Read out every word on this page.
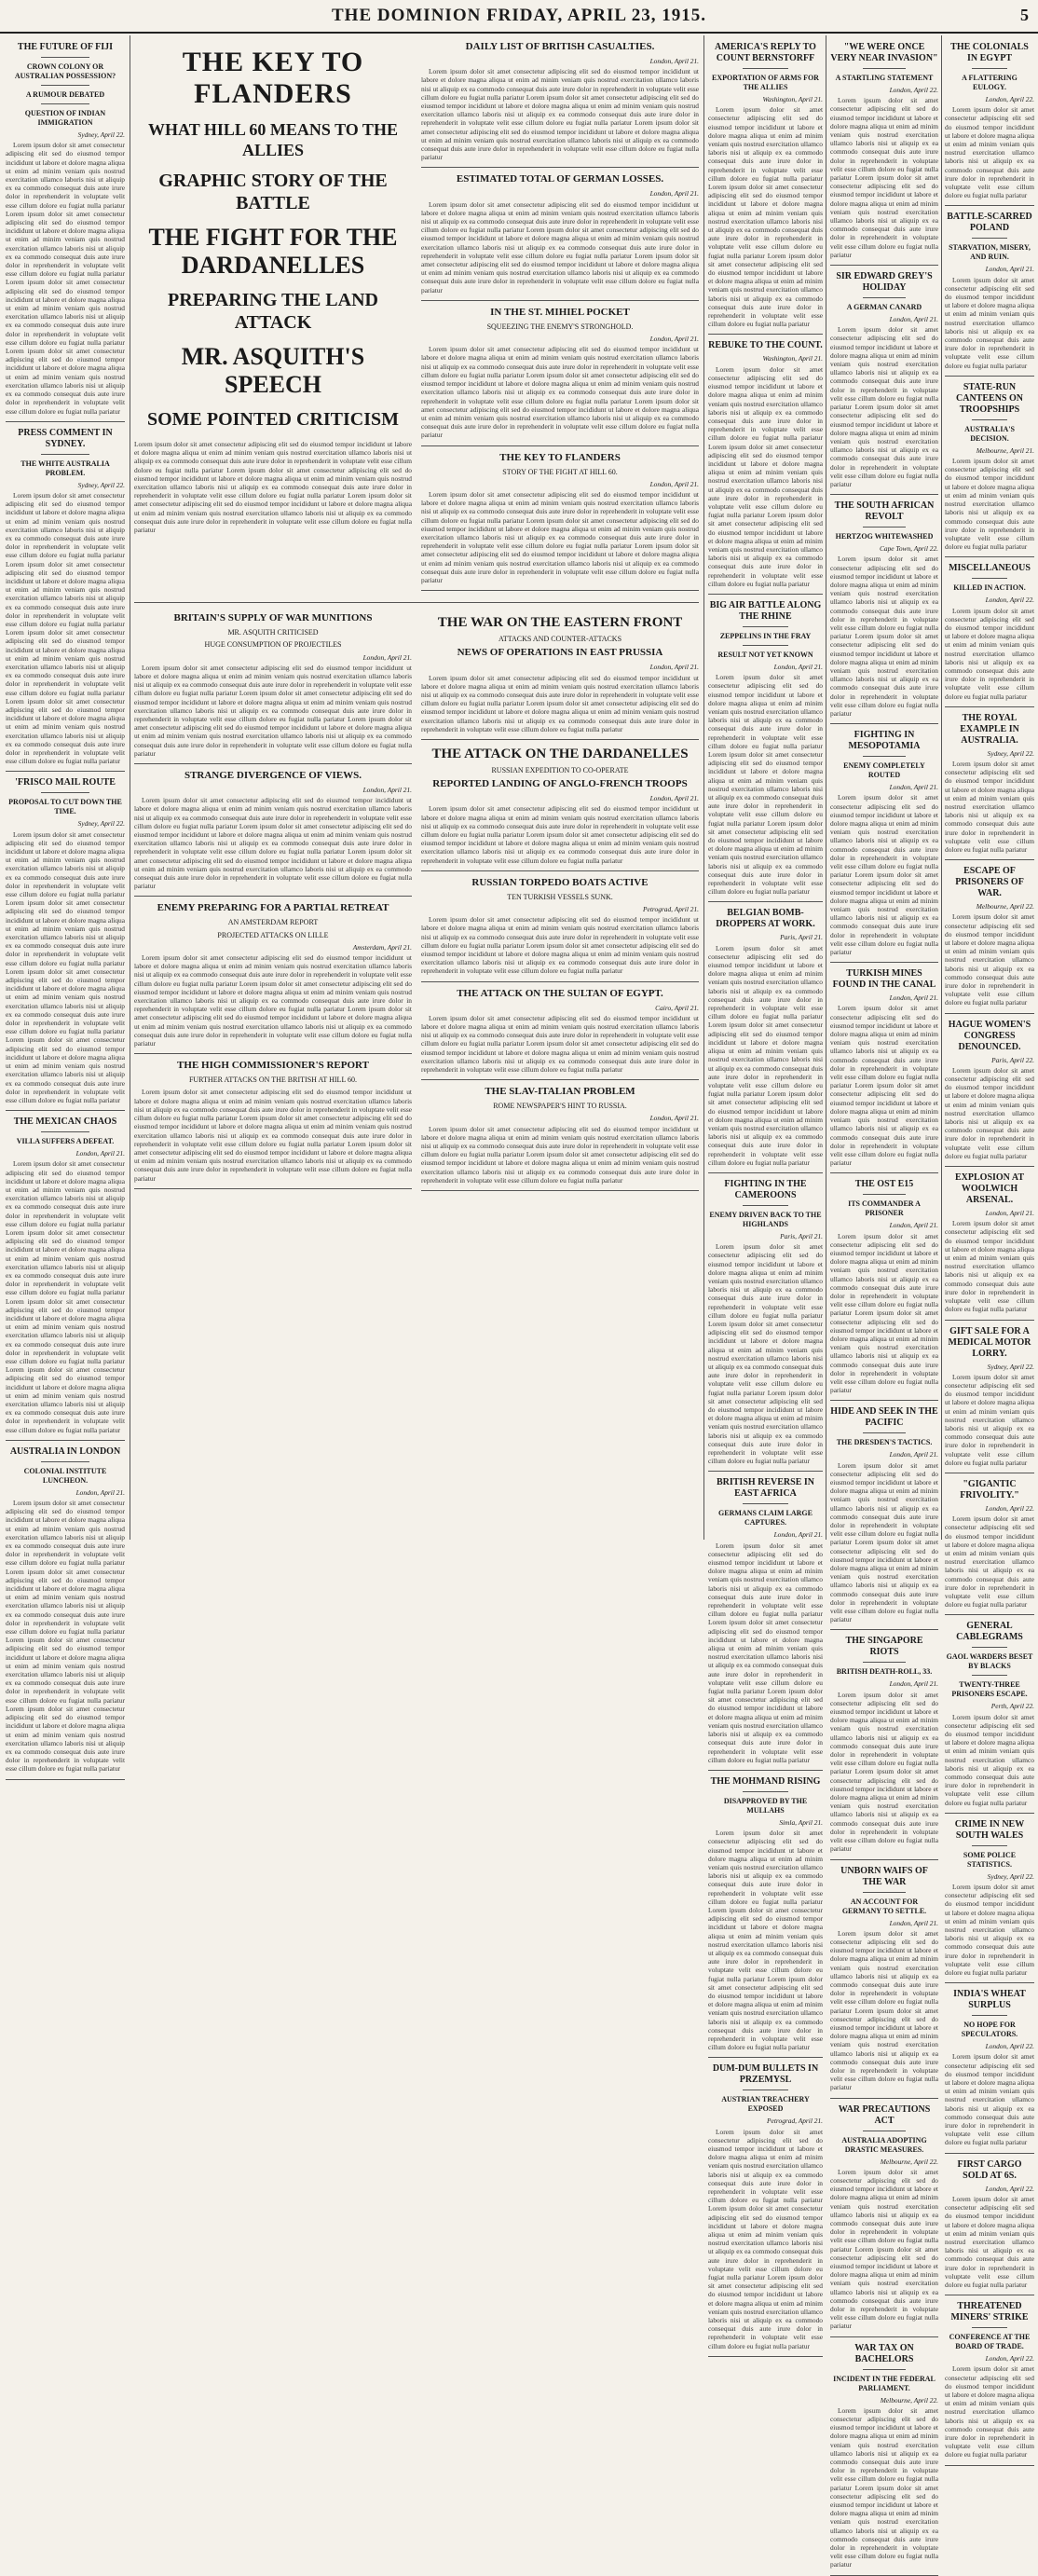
THE DOMINION FRIDAY, APRIL 23, 1915.	5
THE FUTURE OF FIJI
CROWN COLONY OR AUSTRALIAN POSSESSION?
A RUMOUR DEBATED
QUESTION OF INDIAN IMMIGRATION
Sydney, April 22.
Lorem ipsum dolor sit amet consectetur adipiscing elit sed do eiusmod tempor incididunt ut labore et dolore magna aliqua ut enim ad minim veniam quis nostrud exercitation ullamco laboris nisi ut aliquip ex ea commodo consequat duis aute irure dolor in reprehenderit in voluptate velit esse cillum dolore eu fugiat nulla pariatur Lorem ipsum dolor sit amet consectetur adipiscing elit sed do eiusmod tempor incididunt ut labore et dolore magna aliqua ut enim ad minim veniam quis nostrud exercitation ullamco laboris nisi ut aliquip ex ea commodo consequat duis aute irure dolor in reprehenderit in voluptate velit esse cillum dolore eu fugiat nulla pariatur Lorem ipsum dolor sit amet consectetur adipiscing elit sed do eiusmod tempor incididunt ut labore et dolore magna aliqua ut enim ad minim veniam quis nostrud exercitation ullamco laboris nisi ut aliquip ex ea commodo consequat duis aute irure dolor in reprehenderit in voluptate velit esse cillum dolore eu fugiat nulla pariatur Lorem ipsum dolor sit amet consectetur adipiscing elit sed do eiusmod tempor incididunt ut labore et dolore magna aliqua ut enim ad minim veniam quis nostrud exercitation ullamco laboris nisi ut aliquip ex ea commodo consequat duis aute irure dolor in reprehenderit in voluptate velit esse cillum dolore eu fugiat nulla pariatur
PRESS COMMENT IN SYDNEY.
THE WHITE AUSTRALIA PROBLEM.
Sydney, April 22.
Lorem ipsum dolor sit amet consectetur adipiscing elit sed do eiusmod tempor incididunt ut labore et dolore magna aliqua ut enim ad minim veniam quis nostrud exercitation ullamco laboris nisi ut aliquip ex ea commodo consequat duis aute irure dolor in reprehenderit in voluptate velit esse cillum dolore eu fugiat nulla pariatur Lorem ipsum dolor sit amet consectetur adipiscing elit sed do eiusmod tempor incididunt ut labore et dolore magna aliqua ut enim ad minim veniam quis nostrud exercitation ullamco laboris nisi ut aliquip ex ea commodo consequat duis aute irure dolor in reprehenderit in voluptate velit esse cillum dolore eu fugiat nulla pariatur Lorem ipsum dolor sit amet consectetur adipiscing elit sed do eiusmod tempor incididunt ut labore et dolore magna aliqua ut enim ad minim veniam quis nostrud exercitation ullamco laboris nisi ut aliquip ex ea commodo consequat duis aute irure dolor in reprehenderit in voluptate velit esse cillum dolore eu fugiat nulla pariatur Lorem ipsum dolor sit amet consectetur adipiscing elit sed do eiusmod tempor incididunt ut labore et dolore magna aliqua ut enim ad minim veniam quis nostrud exercitation ullamco laboris nisi ut aliquip ex ea commodo consequat duis aute irure dolor in reprehenderit in voluptate velit esse cillum dolore eu fugiat nulla pariatur
'FRISCO MAIL ROUTE
PROPOSAL TO CUT DOWN THE TIME.
Sydney, April 22.
Lorem ipsum dolor sit amet consectetur adipiscing elit sed do eiusmod tempor incididunt ut labore et dolore magna aliqua ut enim ad minim veniam quis nostrud exercitation ullamco laboris nisi ut aliquip ex ea commodo consequat duis aute irure dolor in reprehenderit in voluptate velit esse cillum dolore eu fugiat nulla pariatur Lorem ipsum dolor sit amet consectetur adipiscing elit sed do eiusmod tempor incididunt ut labore et dolore magna aliqua ut enim ad minim veniam quis nostrud exercitation ullamco laboris nisi ut aliquip ex ea commodo consequat duis aute irure dolor in reprehenderit in voluptate velit esse cillum dolore eu fugiat nulla pariatur Lorem ipsum dolor sit amet consectetur adipiscing elit sed do eiusmod tempor incididunt ut labore et dolore magna aliqua ut enim ad minim veniam quis nostrud exercitation ullamco laboris nisi ut aliquip ex ea commodo consequat duis aute irure dolor in reprehenderit in voluptate velit esse cillum dolore eu fugiat nulla pariatur Lorem ipsum dolor sit amet consectetur adipiscing elit sed do eiusmod tempor incididunt ut labore et dolore magna aliqua ut enim ad minim veniam quis nostrud exercitation ullamco laboris nisi ut aliquip ex ea commodo consequat duis aute irure dolor in reprehenderit in voluptate velit esse cillum dolore eu fugiat nulla pariatur
THE MEXICAN CHAOS
VILLA SUFFERS A DEFEAT.
London, April 21.
Lorem ipsum dolor sit amet consectetur adipiscing elit sed do eiusmod tempor incididunt ut labore et dolore magna aliqua ut enim ad minim veniam quis nostrud exercitation ullamco laboris nisi ut aliquip ex ea commodo consequat duis aute irure dolor in reprehenderit in voluptate velit esse cillum dolore eu fugiat nulla pariatur Lorem ipsum dolor sit amet consectetur adipiscing elit sed do eiusmod tempor incididunt ut labore et dolore magna aliqua ut enim ad minim veniam quis nostrud exercitation ullamco laboris nisi ut aliquip ex ea commodo consequat duis aute irure dolor in reprehenderit in voluptate velit esse cillum dolore eu fugiat nulla pariatur Lorem ipsum dolor sit amet consectetur adipiscing elit sed do eiusmod tempor incididunt ut labore et dolore magna aliqua ut enim ad minim veniam quis nostrud exercitation ullamco laboris nisi ut aliquip ex ea commodo consequat duis aute irure dolor in reprehenderit in voluptate velit esse cillum dolore eu fugiat nulla pariatur Lorem ipsum dolor sit amet consectetur adipiscing elit sed do eiusmod tempor incididunt ut labore et dolore magna aliqua ut enim ad minim veniam quis nostrud exercitation ullamco laboris nisi ut aliquip ex ea commodo consequat duis aute irure dolor in reprehenderit in voluptate velit esse cillum dolore eu fugiat nulla pariatur
AUSTRALIA IN LONDON
COLONIAL INSTITUTE LUNCHEON.
London, April 21.
Lorem ipsum dolor sit amet consectetur adipiscing elit sed do eiusmod tempor incididunt ut labore et dolore magna aliqua ut enim ad minim veniam quis nostrud exercitation ullamco laboris nisi ut aliquip ex ea commodo consequat duis aute irure dolor in reprehenderit in voluptate velit esse cillum dolore eu fugiat nulla pariatur Lorem ipsum dolor sit amet consectetur adipiscing elit sed do eiusmod tempor incididunt ut labore et dolore magna aliqua ut enim ad minim veniam quis nostrud exercitation ullamco laboris nisi ut aliquip ex ea commodo consequat duis aute irure dolor in reprehenderit in voluptate velit esse cillum dolore eu fugiat nulla pariatur Lorem ipsum dolor sit amet consectetur adipiscing elit sed do eiusmod tempor incididunt ut labore et dolore magna aliqua ut enim ad minim veniam quis nostrud exercitation ullamco laboris nisi ut aliquip ex ea commodo consequat duis aute irure dolor in reprehenderit in voluptate velit esse cillum dolore eu fugiat nulla pariatur Lorem ipsum dolor sit amet consectetur adipiscing elit sed do eiusmod tempor incididunt ut labore et dolore magna aliqua ut enim ad minim veniam quis nostrud exercitation ullamco laboris nisi ut aliquip ex ea commodo consequat duis aute irure dolor in reprehenderit in voluptate velit esse cillum dolore eu fugiat nulla pariatur
THE KEY TO FLANDERS
WHAT HILL 60 MEANS TO THE ALLIES
GRAPHIC STORY OF THE BATTLE
THE FIGHT FOR THE DARDANELLES
PREPARING THE LAND ATTACK
MR. ASQUITH'S SPEECH
SOME POINTED CRITICISM
Lorem ipsum dolor sit amet consectetur adipiscing elit sed do eiusmod tempor incididunt ut labore et dolore magna aliqua ut enim ad minim veniam quis nostrud exercitation ullamco laboris nisi ut aliquip ex ea commodo consequat duis aute irure dolor in reprehenderit in voluptate velit esse cillum dolore eu fugiat nulla pariatur Lorem ipsum dolor sit amet consectetur adipiscing elit sed do eiusmod tempor incididunt ut labore et dolore magna aliqua ut enim ad minim veniam quis nostrud exercitation ullamco laboris nisi ut aliquip ex ea commodo consequat duis aute irure dolor in reprehenderit in voluptate velit esse cillum dolore eu fugiat nulla pariatur Lorem ipsum dolor sit amet consectetur adipiscing elit sed do eiusmod tempor incididunt ut labore et dolore magna aliqua ut enim ad minim veniam quis nostrud exercitation ullamco laboris nisi ut aliquip ex ea commodo consequat duis aute irure dolor in reprehenderit in voluptate velit esse cillum dolore eu fugiat nulla pariatur
DAILY LIST OF BRITISH CASUALTIES.
London, April 21.
Lorem ipsum dolor sit amet consectetur adipiscing elit sed do eiusmod tempor incididunt ut labore et dolore magna aliqua ut enim ad minim veniam quis nostrud exercitation ullamco laboris nisi ut aliquip ex ea commodo consequat duis aute irure dolor in reprehenderit in voluptate velit esse cillum dolore eu fugiat nulla pariatur Lorem ipsum dolor sit amet consectetur adipiscing elit sed do eiusmod tempor incididunt ut labore et dolore magna aliqua ut enim ad minim veniam quis nostrud exercitation ullamco laboris nisi ut aliquip ex ea commodo consequat duis aute irure dolor in reprehenderit in voluptate velit esse cillum dolore eu fugiat nulla pariatur Lorem ipsum dolor sit amet consectetur adipiscing elit sed do eiusmod tempor incididunt ut labore et dolore magna aliqua ut enim ad minim veniam quis nostrud exercitation ullamco laboris nisi ut aliquip ex ea commodo consequat duis aute irure dolor in reprehenderit in voluptate velit esse cillum dolore eu fugiat nulla pariatur
ESTIMATED TOTAL OF GERMAN LOSSES.
London, April 21.
Lorem ipsum dolor sit amet consectetur adipiscing elit sed do eiusmod tempor incididunt ut labore et dolore magna aliqua ut enim ad minim veniam quis nostrud exercitation ullamco laboris nisi ut aliquip ex ea commodo consequat duis aute irure dolor in reprehenderit in voluptate velit esse cillum dolore eu fugiat nulla pariatur Lorem ipsum dolor sit amet consectetur adipiscing elit sed do eiusmod tempor incididunt ut labore et dolore magna aliqua ut enim ad minim veniam quis nostrud exercitation ullamco laboris nisi ut aliquip ex ea commodo consequat duis aute irure dolor in reprehenderit in voluptate velit esse cillum dolore eu fugiat nulla pariatur Lorem ipsum dolor sit amet consectetur adipiscing elit sed do eiusmod tempor incididunt ut labore et dolore magna aliqua ut enim ad minim veniam quis nostrud exercitation ullamco laboris nisi ut aliquip ex ea commodo consequat duis aute irure dolor in reprehenderit in voluptate velit esse cillum dolore eu fugiat nulla pariatur
IN THE ST. MIHIEL POCKET
SQUEEZING THE ENEMY'S STRONGHOLD.
London, April 21.
Lorem ipsum dolor sit amet consectetur adipiscing elit sed do eiusmod tempor incididunt ut labore et dolore magna aliqua ut enim ad minim veniam quis nostrud exercitation ullamco laboris nisi ut aliquip ex ea commodo consequat duis aute irure dolor in reprehenderit in voluptate velit esse cillum dolore eu fugiat nulla pariatur Lorem ipsum dolor sit amet consectetur adipiscing elit sed do eiusmod tempor incididunt ut labore et dolore magna aliqua ut enim ad minim veniam quis nostrud exercitation ullamco laboris nisi ut aliquip ex ea commodo consequat duis aute irure dolor in reprehenderit in voluptate velit esse cillum dolore eu fugiat nulla pariatur Lorem ipsum dolor sit amet consectetur adipiscing elit sed do eiusmod tempor incididunt ut labore et dolore magna aliqua ut enim ad minim veniam quis nostrud exercitation ullamco laboris nisi ut aliquip ex ea commodo consequat duis aute irure dolor in reprehenderit in voluptate velit esse cillum dolore eu fugiat nulla pariatur
THE KEY TO FLANDERS
STORY OF THE FIGHT AT HILL 60.
London, April 21.
Lorem ipsum dolor sit amet consectetur adipiscing elit sed do eiusmod tempor incididunt ut labore et dolore magna aliqua ut enim ad minim veniam quis nostrud exercitation ullamco laboris nisi ut aliquip ex ea commodo consequat duis aute irure dolor in reprehenderit in voluptate velit esse cillum dolore eu fugiat nulla pariatur Lorem ipsum dolor sit amet consectetur adipiscing elit sed do eiusmod tempor incididunt ut labore et dolore magna aliqua ut enim ad minim veniam quis nostrud exercitation ullamco laboris nisi ut aliquip ex ea commodo consequat duis aute irure dolor in reprehenderit in voluptate velit esse cillum dolore eu fugiat nulla pariatur Lorem ipsum dolor sit amet consectetur adipiscing elit sed do eiusmod tempor incididunt ut labore et dolore magna aliqua ut enim ad minim veniam quis nostrud exercitation ullamco laboris nisi ut aliquip ex ea commodo consequat duis aute irure dolor in reprehenderit in voluptate velit esse cillum dolore eu fugiat nulla pariatur
BRITAIN'S SUPPLY OF WAR MUNITIONS
MR. ASQUITH CRITICISED
HUGE CONSUMPTION OF PROJECTILES
London, April 21.
Lorem ipsum dolor sit amet consectetur adipiscing elit sed do eiusmod tempor incididunt ut labore et dolore magna aliqua ut enim ad minim veniam quis nostrud exercitation ullamco laboris nisi ut aliquip ex ea commodo consequat duis aute irure dolor in reprehenderit in voluptate velit esse cillum dolore eu fugiat nulla pariatur Lorem ipsum dolor sit amet consectetur adipiscing elit sed do eiusmod tempor incididunt ut labore et dolore magna aliqua ut enim ad minim veniam quis nostrud exercitation ullamco laboris nisi ut aliquip ex ea commodo consequat duis aute irure dolor in reprehenderit in voluptate velit esse cillum dolore eu fugiat nulla pariatur Lorem ipsum dolor sit amet consectetur adipiscing elit sed do eiusmod tempor incididunt ut labore et dolore magna aliqua ut enim ad minim veniam quis nostrud exercitation ullamco laboris nisi ut aliquip ex ea commodo consequat duis aute irure dolor in reprehenderit in voluptate velit esse cillum dolore eu fugiat nulla pariatur
STRANGE DIVERGENCE OF VIEWS.
London, April 21.
Lorem ipsum dolor sit amet consectetur adipiscing elit sed do eiusmod tempor incididunt ut labore et dolore magna aliqua ut enim ad minim veniam quis nostrud exercitation ullamco laboris nisi ut aliquip ex ea commodo consequat duis aute irure dolor in reprehenderit in voluptate velit esse cillum dolore eu fugiat nulla pariatur Lorem ipsum dolor sit amet consectetur adipiscing elit sed do eiusmod tempor incididunt ut labore et dolore magna aliqua ut enim ad minim veniam quis nostrud exercitation ullamco laboris nisi ut aliquip ex ea commodo consequat duis aute irure dolor in reprehenderit in voluptate velit esse cillum dolore eu fugiat nulla pariatur Lorem ipsum dolor sit amet consectetur adipiscing elit sed do eiusmod tempor incididunt ut labore et dolore magna aliqua ut enim ad minim veniam quis nostrud exercitation ullamco laboris nisi ut aliquip ex ea commodo consequat duis aute irure dolor in reprehenderit in voluptate velit esse cillum dolore eu fugiat nulla pariatur
ENEMY PREPARING FOR A PARTIAL RETREAT
AN AMSTERDAM REPORT
PROJECTED ATTACKS ON LILLE
Amsterdam, April 21.
Lorem ipsum dolor sit amet consectetur adipiscing elit sed do eiusmod tempor incididunt ut labore et dolore magna aliqua ut enim ad minim veniam quis nostrud exercitation ullamco laboris nisi ut aliquip ex ea commodo consequat duis aute irure dolor in reprehenderit in voluptate velit esse cillum dolore eu fugiat nulla pariatur Lorem ipsum dolor sit amet consectetur adipiscing elit sed do eiusmod tempor incididunt ut labore et dolore magna aliqua ut enim ad minim veniam quis nostrud exercitation ullamco laboris nisi ut aliquip ex ea commodo consequat duis aute irure dolor in reprehenderit in voluptate velit esse cillum dolore eu fugiat nulla pariatur Lorem ipsum dolor sit amet consectetur adipiscing elit sed do eiusmod tempor incididunt ut labore et dolore magna aliqua ut enim ad minim veniam quis nostrud exercitation ullamco laboris nisi ut aliquip ex ea commodo consequat duis aute irure dolor in reprehenderit in voluptate velit esse cillum dolore eu fugiat nulla pariatur
THE HIGH COMMISSIONER'S REPORT
FURTHER ATTACKS ON THE BRITISH AT HILL 60.
Lorem ipsum dolor sit amet consectetur adipiscing elit sed do eiusmod tempor incididunt ut labore et dolore magna aliqua ut enim ad minim veniam quis nostrud exercitation ullamco laboris nisi ut aliquip ex ea commodo consequat duis aute irure dolor in reprehenderit in voluptate velit esse cillum dolore eu fugiat nulla pariatur Lorem ipsum dolor sit amet consectetur adipiscing elit sed do eiusmod tempor incididunt ut labore et dolore magna aliqua ut enim ad minim veniam quis nostrud exercitation ullamco laboris nisi ut aliquip ex ea commodo consequat duis aute irure dolor in reprehenderit in voluptate velit esse cillum dolore eu fugiat nulla pariatur Lorem ipsum dolor sit amet consectetur adipiscing elit sed do eiusmod tempor incididunt ut labore et dolore magna aliqua ut enim ad minim veniam quis nostrud exercitation ullamco laboris nisi ut aliquip ex ea commodo consequat duis aute irure dolor in reprehenderit in voluptate velit esse cillum dolore eu fugiat nulla pariatur
THE WAR ON THE EASTERN FRONT
ATTACKS AND COUNTER-ATTACKS
NEWS OF OPERATIONS IN EAST PRUSSIA
London, April 21.
Lorem ipsum dolor sit amet consectetur adipiscing elit sed do eiusmod tempor incididunt ut labore et dolore magna aliqua ut enim ad minim veniam quis nostrud exercitation ullamco laboris nisi ut aliquip ex ea commodo consequat duis aute irure dolor in reprehenderit in voluptate velit esse cillum dolore eu fugiat nulla pariatur Lorem ipsum dolor sit amet consectetur adipiscing elit sed do eiusmod tempor incididunt ut labore et dolore magna aliqua ut enim ad minim veniam quis nostrud exercitation ullamco laboris nisi ut aliquip ex ea commodo consequat duis aute irure dolor in reprehenderit in voluptate velit esse cillum dolore eu fugiat nulla pariatur
THE ATTACK ON THE DARDANELLES
RUSSIAN EXPEDITION TO CO-OPERATE
REPORTED LANDING OF ANGLO-FRENCH TROOPS
London, April 21.
Lorem ipsum dolor sit amet consectetur adipiscing elit sed do eiusmod tempor incididunt ut labore et dolore magna aliqua ut enim ad minim veniam quis nostrud exercitation ullamco laboris nisi ut aliquip ex ea commodo consequat duis aute irure dolor in reprehenderit in voluptate velit esse cillum dolore eu fugiat nulla pariatur Lorem ipsum dolor sit amet consectetur adipiscing elit sed do eiusmod tempor incididunt ut labore et dolore magna aliqua ut enim ad minim veniam quis nostrud exercitation ullamco laboris nisi ut aliquip ex ea commodo consequat duis aute irure dolor in reprehenderit in voluptate velit esse cillum dolore eu fugiat nulla pariatur
RUSSIAN TORPEDO BOATS ACTIVE
TEN TURKISH VESSELS SUNK.
Petrograd, April 21.
Lorem ipsum dolor sit amet consectetur adipiscing elit sed do eiusmod tempor incididunt ut labore et dolore magna aliqua ut enim ad minim veniam quis nostrud exercitation ullamco laboris nisi ut aliquip ex ea commodo consequat duis aute irure dolor in reprehenderit in voluptate velit esse cillum dolore eu fugiat nulla pariatur Lorem ipsum dolor sit amet consectetur adipiscing elit sed do eiusmod tempor incididunt ut labore et dolore magna aliqua ut enim ad minim veniam quis nostrud exercitation ullamco laboris nisi ut aliquip ex ea commodo consequat duis aute irure dolor in reprehenderit in voluptate velit esse cillum dolore eu fugiat nulla pariatur
THE ATTACK ON THE SULTAN OF EGYPT.
Cairo, April 21.
Lorem ipsum dolor sit amet consectetur adipiscing elit sed do eiusmod tempor incididunt ut labore et dolore magna aliqua ut enim ad minim veniam quis nostrud exercitation ullamco laboris nisi ut aliquip ex ea commodo consequat duis aute irure dolor in reprehenderit in voluptate velit esse cillum dolore eu fugiat nulla pariatur Lorem ipsum dolor sit amet consectetur adipiscing elit sed do eiusmod tempor incididunt ut labore et dolore magna aliqua ut enim ad minim veniam quis nostrud exercitation ullamco laboris nisi ut aliquip ex ea commodo consequat duis aute irure dolor in reprehenderit in voluptate velit esse cillum dolore eu fugiat nulla pariatur
THE SLAV-ITALIAN PROBLEM
ROME NEWSPAPER'S HINT TO RUSSIA.
London, April 21.
Lorem ipsum dolor sit amet consectetur adipiscing elit sed do eiusmod tempor incididunt ut labore et dolore magna aliqua ut enim ad minim veniam quis nostrud exercitation ullamco laboris nisi ut aliquip ex ea commodo consequat duis aute irure dolor in reprehenderit in voluptate velit esse cillum dolore eu fugiat nulla pariatur Lorem ipsum dolor sit amet consectetur adipiscing elit sed do eiusmod tempor incididunt ut labore et dolore magna aliqua ut enim ad minim veniam quis nostrud exercitation ullamco laboris nisi ut aliquip ex ea commodo consequat duis aute irure dolor in reprehenderit in voluptate velit esse cillum dolore eu fugiat nulla pariatur
AMERICA'S REPLY TO COUNT BERNSTORFF
EXPORTATION OF ARMS FOR THE ALLIES
Washington, April 21.
Lorem ipsum dolor sit amet consectetur adipiscing elit sed do eiusmod tempor incididunt ut labore et dolore magna aliqua ut enim ad minim veniam quis nostrud exercitation ullamco laboris nisi ut aliquip ex ea commodo consequat duis aute irure dolor in reprehenderit in voluptate velit esse cillum dolore eu fugiat nulla pariatur Lorem ipsum dolor sit amet consectetur adipiscing elit sed do eiusmod tempor incididunt ut labore et dolore magna aliqua ut enim ad minim veniam quis nostrud exercitation ullamco laboris nisi ut aliquip ex ea commodo consequat duis aute irure dolor in reprehenderit in voluptate velit esse cillum dolore eu fugiat nulla pariatur Lorem ipsum dolor sit amet consectetur adipiscing elit sed do eiusmod tempor incididunt ut labore et dolore magna aliqua ut enim ad minim veniam quis nostrud exercitation ullamco laboris nisi ut aliquip ex ea commodo consequat duis aute irure dolor in reprehenderit in voluptate velit esse cillum dolore eu fugiat nulla pariatur
REBUKE TO THE COUNT.
Washington, April 21.
Lorem ipsum dolor sit amet consectetur adipiscing elit sed do eiusmod tempor incididunt ut labore et dolore magna aliqua ut enim ad minim veniam quis nostrud exercitation ullamco laboris nisi ut aliquip ex ea commodo consequat duis aute irure dolor in reprehenderit in voluptate velit esse cillum dolore eu fugiat nulla pariatur Lorem ipsum dolor sit amet consectetur adipiscing elit sed do eiusmod tempor incididunt ut labore et dolore magna aliqua ut enim ad minim veniam quis nostrud exercitation ullamco laboris nisi ut aliquip ex ea commodo consequat duis aute irure dolor in reprehenderit in voluptate velit esse cillum dolore eu fugiat nulla pariatur Lorem ipsum dolor sit amet consectetur adipiscing elit sed do eiusmod tempor incididunt ut labore et dolore magna aliqua ut enim ad minim veniam quis nostrud exercitation ullamco laboris nisi ut aliquip ex ea commodo consequat duis aute irure dolor in reprehenderit in voluptate velit esse cillum dolore eu fugiat nulla pariatur
BIG AIR BATTLE ALONG THE RHINE
ZEPPELINS IN THE FRAY
RESULT NOT YET KNOWN
London, April 21.
Lorem ipsum dolor sit amet consectetur adipiscing elit sed do eiusmod tempor incididunt ut labore et dolore magna aliqua ut enim ad minim veniam quis nostrud exercitation ullamco laboris nisi ut aliquip ex ea commodo consequat duis aute irure dolor in reprehenderit in voluptate velit esse cillum dolore eu fugiat nulla pariatur Lorem ipsum dolor sit amet consectetur adipiscing elit sed do eiusmod tempor incididunt ut labore et dolore magna aliqua ut enim ad minim veniam quis nostrud exercitation ullamco laboris nisi ut aliquip ex ea commodo consequat duis aute irure dolor in reprehenderit in voluptate velit esse cillum dolore eu fugiat nulla pariatur Lorem ipsum dolor sit amet consectetur adipiscing elit sed do eiusmod tempor incididunt ut labore et dolore magna aliqua ut enim ad minim veniam quis nostrud exercitation ullamco laboris nisi ut aliquip ex ea commodo consequat duis aute irure dolor in reprehenderit in voluptate velit esse cillum dolore eu fugiat nulla pariatur
BELGIAN BOMB-DROPPERS AT WORK.
Paris, April 21.
Lorem ipsum dolor sit amet consectetur adipiscing elit sed do eiusmod tempor incididunt ut labore et dolore magna aliqua ut enim ad minim veniam quis nostrud exercitation ullamco laboris nisi ut aliquip ex ea commodo consequat duis aute irure dolor in reprehenderit in voluptate velit esse cillum dolore eu fugiat nulla pariatur Lorem ipsum dolor sit amet consectetur adipiscing elit sed do eiusmod tempor incididunt ut labore et dolore magna aliqua ut enim ad minim veniam quis nostrud exercitation ullamco laboris nisi ut aliquip ex ea commodo consequat duis aute irure dolor in reprehenderit in voluptate velit esse cillum dolore eu fugiat nulla pariatur Lorem ipsum dolor sit amet consectetur adipiscing elit sed do eiusmod tempor incididunt ut labore et dolore magna aliqua ut enim ad minim veniam quis nostrud exercitation ullamco laboris nisi ut aliquip ex ea commodo consequat duis aute irure dolor in reprehenderit in voluptate velit esse cillum dolore eu fugiat nulla pariatur
FIGHTING IN THE CAMEROONS
ENEMY DRIVEN BACK TO THE HIGHLANDS
Paris, April 21.
Lorem ipsum dolor sit amet consectetur adipiscing elit sed do eiusmod tempor incididunt ut labore et dolore magna aliqua ut enim ad minim veniam quis nostrud exercitation ullamco laboris nisi ut aliquip ex ea commodo consequat duis aute irure dolor in reprehenderit in voluptate velit esse cillum dolore eu fugiat nulla pariatur Lorem ipsum dolor sit amet consectetur adipiscing elit sed do eiusmod tempor incididunt ut labore et dolore magna aliqua ut enim ad minim veniam quis nostrud exercitation ullamco laboris nisi ut aliquip ex ea commodo consequat duis aute irure dolor in reprehenderit in voluptate velit esse cillum dolore eu fugiat nulla pariatur Lorem ipsum dolor sit amet consectetur adipiscing elit sed do eiusmod tempor incididunt ut labore et dolore magna aliqua ut enim ad minim veniam quis nostrud exercitation ullamco laboris nisi ut aliquip ex ea commodo consequat duis aute irure dolor in reprehenderit in voluptate velit esse cillum dolore eu fugiat nulla pariatur
BRITISH REVERSE IN EAST AFRICA
GERMANS CLAIM LARGE CAPTURES.
London, April 21.
Lorem ipsum dolor sit amet consectetur adipiscing elit sed do eiusmod tempor incididunt ut labore et dolore magna aliqua ut enim ad minim veniam quis nostrud exercitation ullamco laboris nisi ut aliquip ex ea commodo consequat duis aute irure dolor in reprehenderit in voluptate velit esse cillum dolore eu fugiat nulla pariatur Lorem ipsum dolor sit amet consectetur adipiscing elit sed do eiusmod tempor incididunt ut labore et dolore magna aliqua ut enim ad minim veniam quis nostrud exercitation ullamco laboris nisi ut aliquip ex ea commodo consequat duis aute irure dolor in reprehenderit in voluptate velit esse cillum dolore eu fugiat nulla pariatur Lorem ipsum dolor sit amet consectetur adipiscing elit sed do eiusmod tempor incididunt ut labore et dolore magna aliqua ut enim ad minim veniam quis nostrud exercitation ullamco laboris nisi ut aliquip ex ea commodo consequat duis aute irure dolor in reprehenderit in voluptate velit esse cillum dolore eu fugiat nulla pariatur
THE MOHMAND RISING
DISAPPROVED BY THE MULLAHS
Simla, April 21.
Lorem ipsum dolor sit amet consectetur adipiscing elit sed do eiusmod tempor incididunt ut labore et dolore magna aliqua ut enim ad minim veniam quis nostrud exercitation ullamco laboris nisi ut aliquip ex ea commodo consequat duis aute irure dolor in reprehenderit in voluptate velit esse cillum dolore eu fugiat nulla pariatur Lorem ipsum dolor sit amet consectetur adipiscing elit sed do eiusmod tempor incididunt ut labore et dolore magna aliqua ut enim ad minim veniam quis nostrud exercitation ullamco laboris nisi ut aliquip ex ea commodo consequat duis aute irure dolor in reprehenderit in voluptate velit esse cillum dolore eu fugiat nulla pariatur Lorem ipsum dolor sit amet consectetur adipiscing elit sed do eiusmod tempor incididunt ut labore et dolore magna aliqua ut enim ad minim veniam quis nostrud exercitation ullamco laboris nisi ut aliquip ex ea commodo consequat duis aute irure dolor in reprehenderit in voluptate velit esse cillum dolore eu fugiat nulla pariatur
DUM-DUM BULLETS IN PRZEMYSL
AUSTRIAN TREACHERY EXPOSED
Petrograd, April 21.
Lorem ipsum dolor sit amet consectetur adipiscing elit sed do eiusmod tempor incididunt ut labore et dolore magna aliqua ut enim ad minim veniam quis nostrud exercitation ullamco laboris nisi ut aliquip ex ea commodo consequat duis aute irure dolor in reprehenderit in voluptate velit esse cillum dolore eu fugiat nulla pariatur Lorem ipsum dolor sit amet consectetur adipiscing elit sed do eiusmod tempor incididunt ut labore et dolore magna aliqua ut enim ad minim veniam quis nostrud exercitation ullamco laboris nisi ut aliquip ex ea commodo consequat duis aute irure dolor in reprehenderit in voluptate velit esse cillum dolore eu fugiat nulla pariatur Lorem ipsum dolor sit amet consectetur adipiscing elit sed do eiusmod tempor incididunt ut labore et dolore magna aliqua ut enim ad minim veniam quis nostrud exercitation ullamco laboris nisi ut aliquip ex ea commodo consequat duis aute irure dolor in reprehenderit in voluptate velit esse cillum dolore eu fugiat nulla pariatur
"WE WERE ONCE VERY NEAR INVASION"
A STARTLING STATEMENT
London, April 22.
Lorem ipsum dolor sit amet consectetur adipiscing elit sed do eiusmod tempor incididunt ut labore et dolore magna aliqua ut enim ad minim veniam quis nostrud exercitation ullamco laboris nisi ut aliquip ex ea commodo consequat duis aute irure dolor in reprehenderit in voluptate velit esse cillum dolore eu fugiat nulla pariatur Lorem ipsum dolor sit amet consectetur adipiscing elit sed do eiusmod tempor incididunt ut labore et dolore magna aliqua ut enim ad minim veniam quis nostrud exercitation ullamco laboris nisi ut aliquip ex ea commodo consequat duis aute irure dolor in reprehenderit in voluptate velit esse cillum dolore eu fugiat nulla pariatur
SIR EDWARD GREY'S HOLIDAY
A GERMAN CANARD
London, April 21.
Lorem ipsum dolor sit amet consectetur adipiscing elit sed do eiusmod tempor incididunt ut labore et dolore magna aliqua ut enim ad minim veniam quis nostrud exercitation ullamco laboris nisi ut aliquip ex ea commodo consequat duis aute irure dolor in reprehenderit in voluptate velit esse cillum dolore eu fugiat nulla pariatur Lorem ipsum dolor sit amet consectetur adipiscing elit sed do eiusmod tempor incididunt ut labore et dolore magna aliqua ut enim ad minim veniam quis nostrud exercitation ullamco laboris nisi ut aliquip ex ea commodo consequat duis aute irure dolor in reprehenderit in voluptate velit esse cillum dolore eu fugiat nulla pariatur
THE SOUTH AFRICAN REVOLT
HERTZOG WHITEWASHED
Cape Town, April 22.
Lorem ipsum dolor sit amet consectetur adipiscing elit sed do eiusmod tempor incididunt ut labore et dolore magna aliqua ut enim ad minim veniam quis nostrud exercitation ullamco laboris nisi ut aliquip ex ea commodo consequat duis aute irure dolor in reprehenderit in voluptate velit esse cillum dolore eu fugiat nulla pariatur Lorem ipsum dolor sit amet consectetur adipiscing elit sed do eiusmod tempor incididunt ut labore et dolore magna aliqua ut enim ad minim veniam quis nostrud exercitation ullamco laboris nisi ut aliquip ex ea commodo consequat duis aute irure dolor in reprehenderit in voluptate velit esse cillum dolore eu fugiat nulla pariatur
FIGHTING IN MESOPOTAMIA
ENEMY COMPLETELY ROUTED
London, April 21.
Lorem ipsum dolor sit amet consectetur adipiscing elit sed do eiusmod tempor incididunt ut labore et dolore magna aliqua ut enim ad minim veniam quis nostrud exercitation ullamco laboris nisi ut aliquip ex ea commodo consequat duis aute irure dolor in reprehenderit in voluptate velit esse cillum dolore eu fugiat nulla pariatur Lorem ipsum dolor sit amet consectetur adipiscing elit sed do eiusmod tempor incididunt ut labore et dolore magna aliqua ut enim ad minim veniam quis nostrud exercitation ullamco laboris nisi ut aliquip ex ea commodo consequat duis aute irure dolor in reprehenderit in voluptate velit esse cillum dolore eu fugiat nulla pariatur
TURKISH MINES FOUND IN THE CANAL
London, April 21.
Lorem ipsum dolor sit amet consectetur adipiscing elit sed do eiusmod tempor incididunt ut labore et dolore magna aliqua ut enim ad minim veniam quis nostrud exercitation ullamco laboris nisi ut aliquip ex ea commodo consequat duis aute irure dolor in reprehenderit in voluptate velit esse cillum dolore eu fugiat nulla pariatur Lorem ipsum dolor sit amet consectetur adipiscing elit sed do eiusmod tempor incididunt ut labore et dolore magna aliqua ut enim ad minim veniam quis nostrud exercitation ullamco laboris nisi ut aliquip ex ea commodo consequat duis aute irure dolor in reprehenderit in voluptate velit esse cillum dolore eu fugiat nulla pariatur
THE OST E15
ITS COMMANDER A PRISONER
London, April 21.
Lorem ipsum dolor sit amet consectetur adipiscing elit sed do eiusmod tempor incididunt ut labore et dolore magna aliqua ut enim ad minim veniam quis nostrud exercitation ullamco laboris nisi ut aliquip ex ea commodo consequat duis aute irure dolor in reprehenderit in voluptate velit esse cillum dolore eu fugiat nulla pariatur Lorem ipsum dolor sit amet consectetur adipiscing elit sed do eiusmod tempor incididunt ut labore et dolore magna aliqua ut enim ad minim veniam quis nostrud exercitation ullamco laboris nisi ut aliquip ex ea commodo consequat duis aute irure dolor in reprehenderit in voluptate velit esse cillum dolore eu fugiat nulla pariatur
HIDE AND SEEK IN THE PACIFIC
THE DRESDEN'S TACTICS.
London, April 21.
Lorem ipsum dolor sit amet consectetur adipiscing elit sed do eiusmod tempor incididunt ut labore et dolore magna aliqua ut enim ad minim veniam quis nostrud exercitation ullamco laboris nisi ut aliquip ex ea commodo consequat duis aute irure dolor in reprehenderit in voluptate velit esse cillum dolore eu fugiat nulla pariatur Lorem ipsum dolor sit amet consectetur adipiscing elit sed do eiusmod tempor incididunt ut labore et dolore magna aliqua ut enim ad minim veniam quis nostrud exercitation ullamco laboris nisi ut aliquip ex ea commodo consequat duis aute irure dolor in reprehenderit in voluptate velit esse cillum dolore eu fugiat nulla pariatur
THE SINGAPORE RIOTS
BRITISH DEATH-ROLL, 33.
London, April 21.
Lorem ipsum dolor sit amet consectetur adipiscing elit sed do eiusmod tempor incididunt ut labore et dolore magna aliqua ut enim ad minim veniam quis nostrud exercitation ullamco laboris nisi ut aliquip ex ea commodo consequat duis aute irure dolor in reprehenderit in voluptate velit esse cillum dolore eu fugiat nulla pariatur Lorem ipsum dolor sit amet consectetur adipiscing elit sed do eiusmod tempor incididunt ut labore et dolore magna aliqua ut enim ad minim veniam quis nostrud exercitation ullamco laboris nisi ut aliquip ex ea commodo consequat duis aute irure dolor in reprehenderit in voluptate velit esse cillum dolore eu fugiat nulla pariatur
UNBORN WAIFS OF THE WAR
AN ACCOUNT FOR GERMANY TO SETTLE.
London, April 21.
Lorem ipsum dolor sit amet consectetur adipiscing elit sed do eiusmod tempor incididunt ut labore et dolore magna aliqua ut enim ad minim veniam quis nostrud exercitation ullamco laboris nisi ut aliquip ex ea commodo consequat duis aute irure dolor in reprehenderit in voluptate velit esse cillum dolore eu fugiat nulla pariatur Lorem ipsum dolor sit amet consectetur adipiscing elit sed do eiusmod tempor incididunt ut labore et dolore magna aliqua ut enim ad minim veniam quis nostrud exercitation ullamco laboris nisi ut aliquip ex ea commodo consequat duis aute irure dolor in reprehenderit in voluptate velit esse cillum dolore eu fugiat nulla pariatur
WAR PRECAUTIONS ACT
AUSTRALIA ADOPTING DRASTIC MEASURES.
Melbourne, April 22.
Lorem ipsum dolor sit amet consectetur adipiscing elit sed do eiusmod tempor incididunt ut labore et dolore magna aliqua ut enim ad minim veniam quis nostrud exercitation ullamco laboris nisi ut aliquip ex ea commodo consequat duis aute irure dolor in reprehenderit in voluptate velit esse cillum dolore eu fugiat nulla pariatur Lorem ipsum dolor sit amet consectetur adipiscing elit sed do eiusmod tempor incididunt ut labore et dolore magna aliqua ut enim ad minim veniam quis nostrud exercitation ullamco laboris nisi ut aliquip ex ea commodo consequat duis aute irure dolor in reprehenderit in voluptate velit esse cillum dolore eu fugiat nulla pariatur
WAR TAX ON BACHELORS
INCIDENT IN THE FEDERAL PARLIAMENT.
Melbourne, April 22.
Lorem ipsum dolor sit amet consectetur adipiscing elit sed do eiusmod tempor incididunt ut labore et dolore magna aliqua ut enim ad minim veniam quis nostrud exercitation ullamco laboris nisi ut aliquip ex ea commodo consequat duis aute irure dolor in reprehenderit in voluptate velit esse cillum dolore eu fugiat nulla pariatur Lorem ipsum dolor sit amet consectetur adipiscing elit sed do eiusmod tempor incididunt ut labore et dolore magna aliqua ut enim ad minim veniam quis nostrud exercitation ullamco laboris nisi ut aliquip ex ea commodo consequat duis aute irure dolor in reprehenderit in voluptate velit esse cillum dolore eu fugiat nulla pariatur
THE COLONIALS IN EGYPT
A FLATTERING EULOGY.
London, April 22.
Lorem ipsum dolor sit amet consectetur adipiscing elit sed do eiusmod tempor incididunt ut labore et dolore magna aliqua ut enim ad minim veniam quis nostrud exercitation ullamco laboris nisi ut aliquip ex ea commodo consequat duis aute irure dolor in reprehenderit in voluptate velit esse cillum dolore eu fugiat nulla pariatur
BATTLE-SCARRED POLAND
STARVATION, MISERY, AND RUIN.
London, April 21.
Lorem ipsum dolor sit amet consectetur adipiscing elit sed do eiusmod tempor incididunt ut labore et dolore magna aliqua ut enim ad minim veniam quis nostrud exercitation ullamco laboris nisi ut aliquip ex ea commodo consequat duis aute irure dolor in reprehenderit in voluptate velit esse cillum dolore eu fugiat nulla pariatur
STATE-RUN CANTEENS ON TROOPSHIPS
AUSTRALIA'S DECISION.
Melbourne, April 21.
Lorem ipsum dolor sit amet consectetur adipiscing elit sed do eiusmod tempor incididunt ut labore et dolore magna aliqua ut enim ad minim veniam quis nostrud exercitation ullamco laboris nisi ut aliquip ex ea commodo consequat duis aute irure dolor in reprehenderit in voluptate velit esse cillum dolore eu fugiat nulla pariatur
MISCELLANEOUS
KILLED IN ACTION.
London, April 22.
Lorem ipsum dolor sit amet consectetur adipiscing elit sed do eiusmod tempor incididunt ut labore et dolore magna aliqua ut enim ad minim veniam quis nostrud exercitation ullamco laboris nisi ut aliquip ex ea commodo consequat duis aute irure dolor in reprehenderit in voluptate velit esse cillum dolore eu fugiat nulla pariatur
THE ROYAL EXAMPLE IN AUSTRALIA.
Sydney, April 22.
Lorem ipsum dolor sit amet consectetur adipiscing elit sed do eiusmod tempor incididunt ut labore et dolore magna aliqua ut enim ad minim veniam quis nostrud exercitation ullamco laboris nisi ut aliquip ex ea commodo consequat duis aute irure dolor in reprehenderit in voluptate velit esse cillum dolore eu fugiat nulla pariatur
ESCAPE OF PRISONERS OF WAR.
Melbourne, April 22.
Lorem ipsum dolor sit amet consectetur adipiscing elit sed do eiusmod tempor incididunt ut labore et dolore magna aliqua ut enim ad minim veniam quis nostrud exercitation ullamco laboris nisi ut aliquip ex ea commodo consequat duis aute irure dolor in reprehenderit in voluptate velit esse cillum dolore eu fugiat nulla pariatur
HAGUE WOMEN'S CONGRESS DENOUNCED.
Paris, April 22.
Lorem ipsum dolor sit amet consectetur adipiscing elit sed do eiusmod tempor incididunt ut labore et dolore magna aliqua ut enim ad minim veniam quis nostrud exercitation ullamco laboris nisi ut aliquip ex ea commodo consequat duis aute irure dolor in reprehenderit in voluptate velit esse cillum dolore eu fugiat nulla pariatur
EXPLOSION AT WOOLWICH ARSENAL.
London, April 21.
Lorem ipsum dolor sit amet consectetur adipiscing elit sed do eiusmod tempor incididunt ut labore et dolore magna aliqua ut enim ad minim veniam quis nostrud exercitation ullamco laboris nisi ut aliquip ex ea commodo consequat duis aute irure dolor in reprehenderit in voluptate velit esse cillum dolore eu fugiat nulla pariatur
GIFT SALE FOR A MEDICAL MOTOR LORRY.
Sydney, April 22.
Lorem ipsum dolor sit amet consectetur adipiscing elit sed do eiusmod tempor incididunt ut labore et dolore magna aliqua ut enim ad minim veniam quis nostrud exercitation ullamco laboris nisi ut aliquip ex ea commodo consequat duis aute irure dolor in reprehenderit in voluptate velit esse cillum dolore eu fugiat nulla pariatur
"GIGANTIC FRIVOLITY."
London, April 22.
Lorem ipsum dolor sit amet consectetur adipiscing elit sed do eiusmod tempor incididunt ut labore et dolore magna aliqua ut enim ad minim veniam quis nostrud exercitation ullamco laboris nisi ut aliquip ex ea commodo consequat duis aute irure dolor in reprehenderit in voluptate velit esse cillum dolore eu fugiat nulla pariatur
GENERAL CABLEGRAMS
GAOL WARDERS BESET BY BLACKS
TWENTY-THREE PRISONERS ESCAPE.
Perth, April 22.
Lorem ipsum dolor sit amet consectetur adipiscing elit sed do eiusmod tempor incididunt ut labore et dolore magna aliqua ut enim ad minim veniam quis nostrud exercitation ullamco laboris nisi ut aliquip ex ea commodo consequat duis aute irure dolor in reprehenderit in voluptate velit esse cillum dolore eu fugiat nulla pariatur
CRIME IN NEW SOUTH WALES
SOME POLICE STATISTICS.
Sydney, April 22.
Lorem ipsum dolor sit amet consectetur adipiscing elit sed do eiusmod tempor incididunt ut labore et dolore magna aliqua ut enim ad minim veniam quis nostrud exercitation ullamco laboris nisi ut aliquip ex ea commodo consequat duis aute irure dolor in reprehenderit in voluptate velit esse cillum dolore eu fugiat nulla pariatur
INDIA'S WHEAT SURPLUS
NO HOPE FOR SPECULATORS.
London, April 22.
Lorem ipsum dolor sit amet consectetur adipiscing elit sed do eiusmod tempor incididunt ut labore et dolore magna aliqua ut enim ad minim veniam quis nostrud exercitation ullamco laboris nisi ut aliquip ex ea commodo consequat duis aute irure dolor in reprehenderit in voluptate velit esse cillum dolore eu fugiat nulla pariatur
FIRST CARGO SOLD AT 6S.
London, April 22.
Lorem ipsum dolor sit amet consectetur adipiscing elit sed do eiusmod tempor incididunt ut labore et dolore magna aliqua ut enim ad minim veniam quis nostrud exercitation ullamco laboris nisi ut aliquip ex ea commodo consequat duis aute irure dolor in reprehenderit in voluptate velit esse cillum dolore eu fugiat nulla pariatur
THREATENED MINERS' STRIKE
CONFERENCE AT THE BOARD OF TRADE.
London, April 22.
Lorem ipsum dolor sit amet consectetur adipiscing elit sed do eiusmod tempor incididunt ut labore et dolore magna aliqua ut enim ad minim veniam quis nostrud exercitation ullamco laboris nisi ut aliquip ex ea commodo consequat duis aute irure dolor in reprehenderit in voluptate velit esse cillum dolore eu fugiat nulla pariatur
